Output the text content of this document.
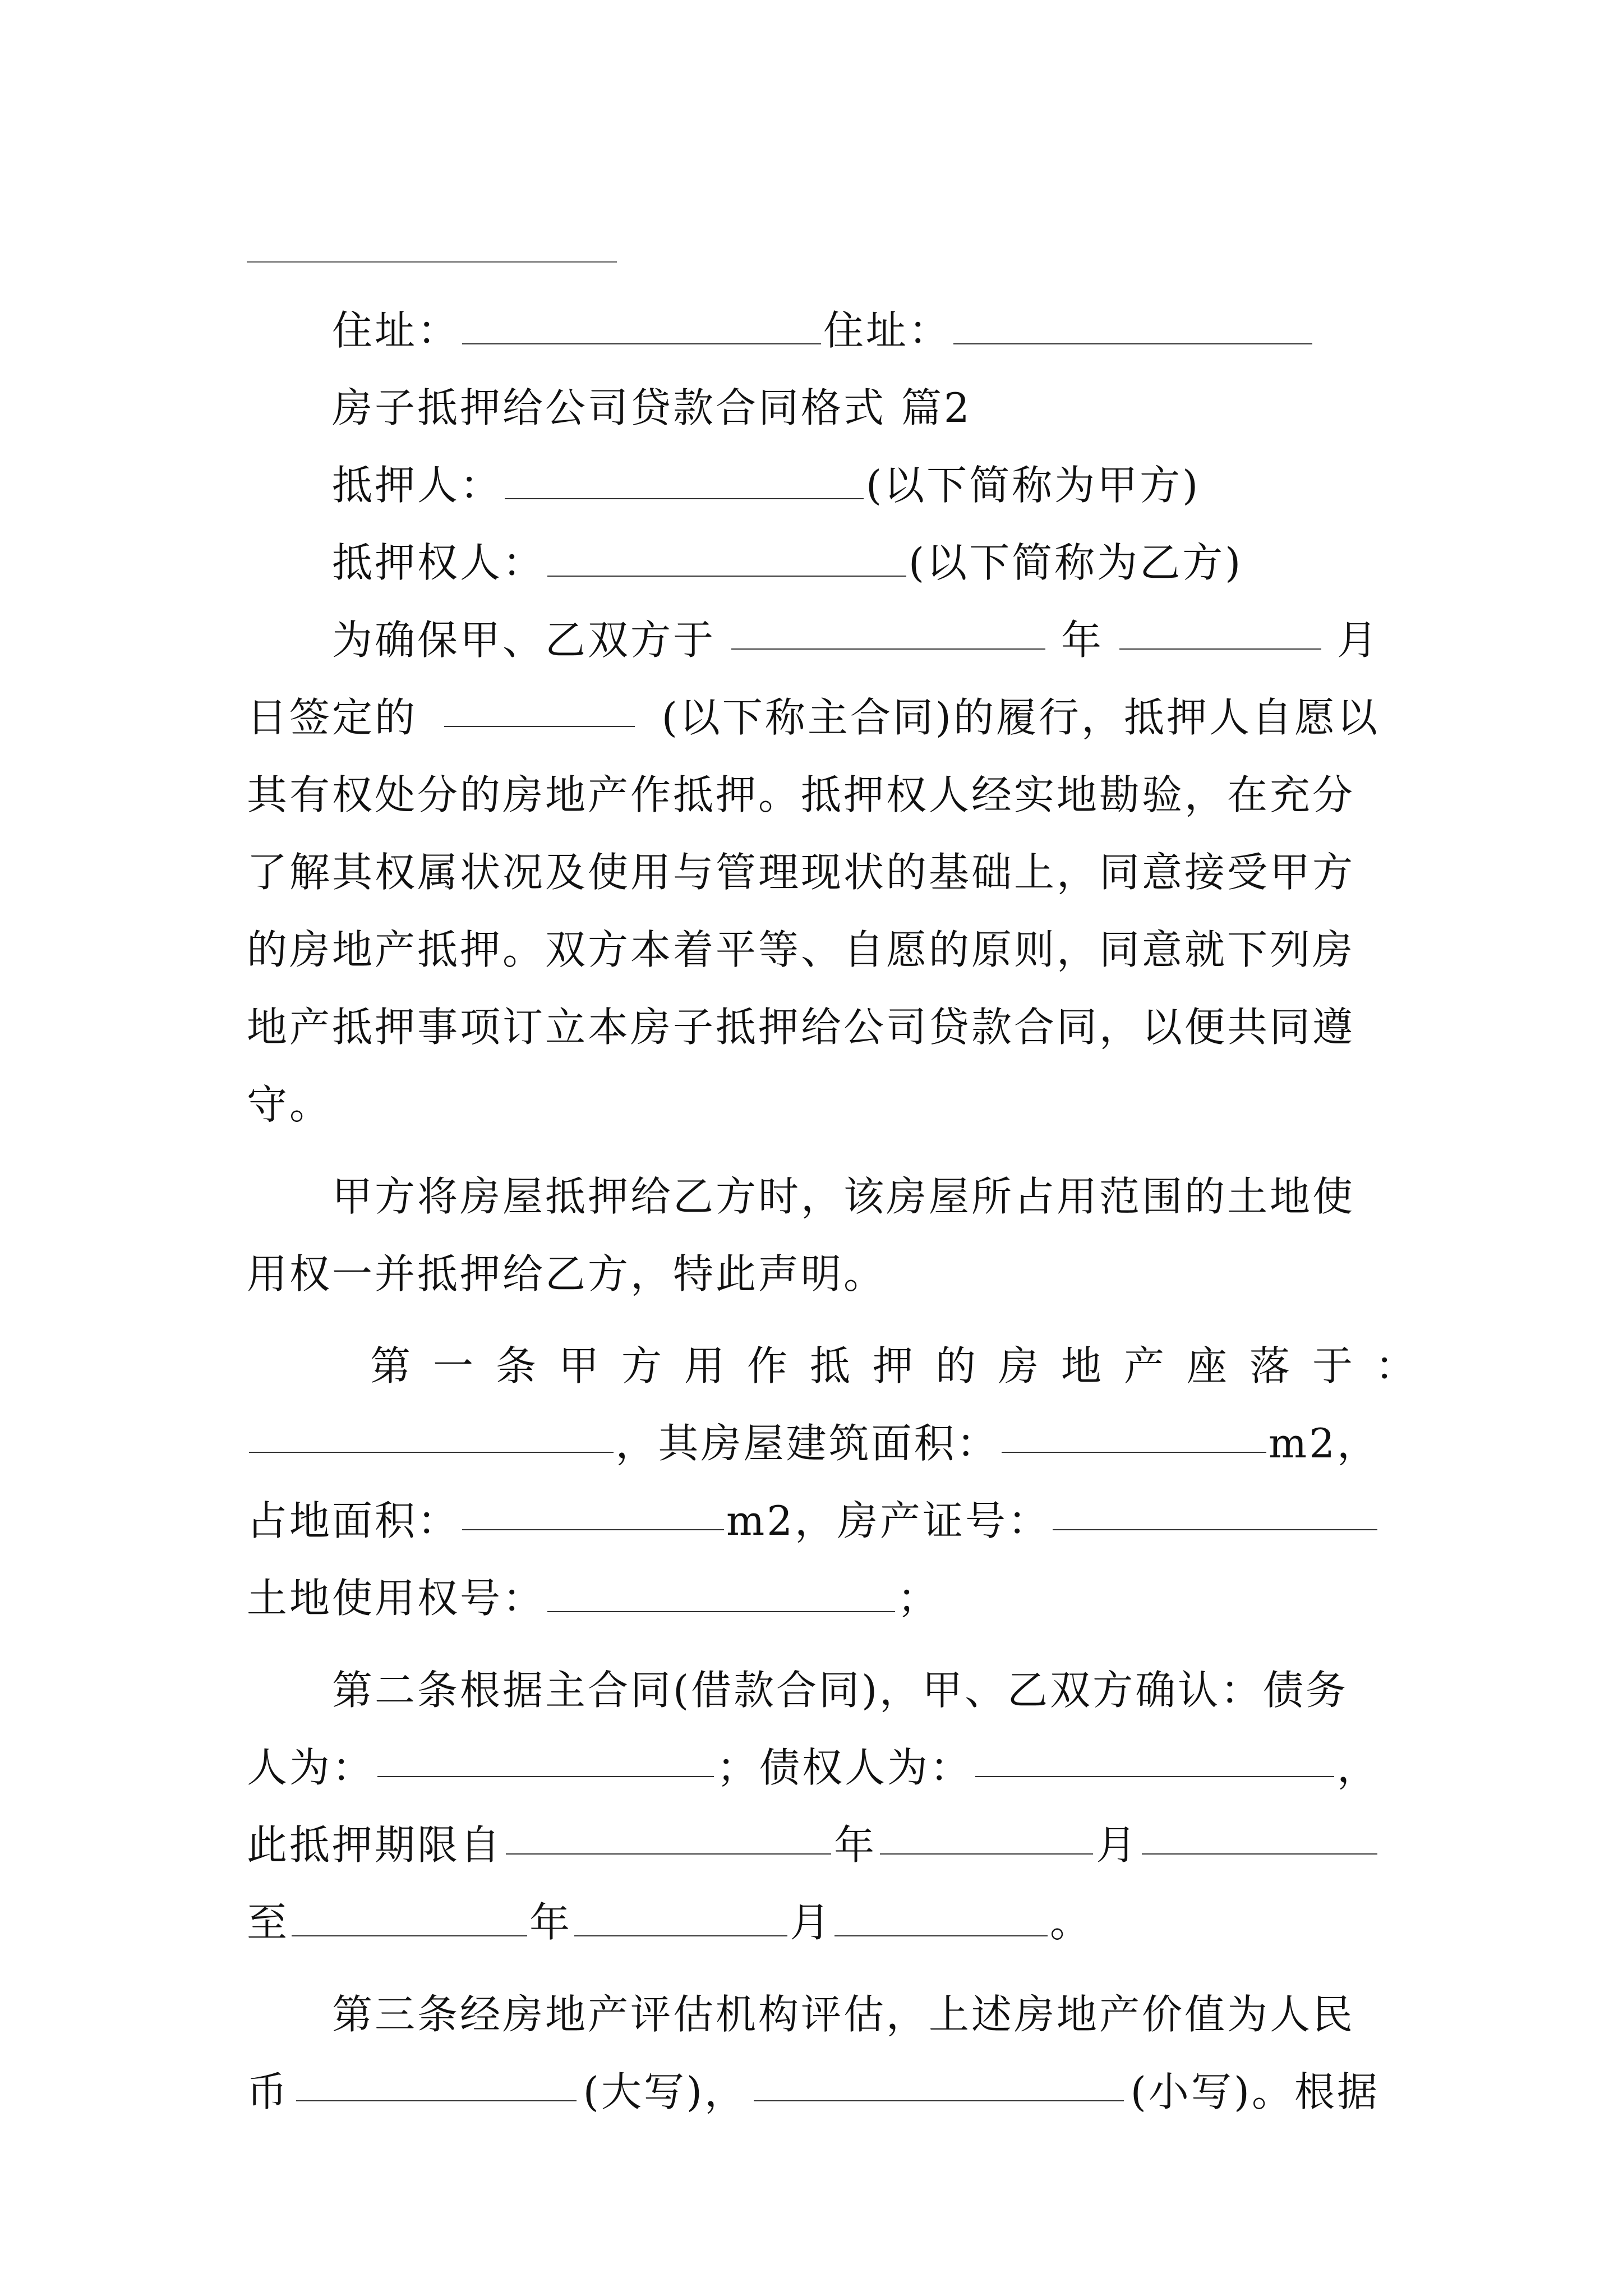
住址：	住址：
房子抵押给公司贷款合同格式 篇2
抵押人：	(以下简称为甲方)
抵押权人：	(以下简称为乙方)
为确保甲、乙双方于	年	月
日签定的	(以下称主合同)的履行，抵押人自愿以
其有权处分的房地产作抵押。抵押权人经实地勘验，在充分
了解其权属状况及使用与管理现状的基础上，同意接受甲方
的房地产抵押。双方本着平等、自愿的原则，同意就下列房
地产抵押事项订立本房子抵押给公司贷款合同，以便共同遵
守。
甲方将房屋抵押给乙方时，该房屋所占用范围的土地使
用权一并抵押给乙方，特此声明。
第一条甲方用作抵押的房地产座落于：
，其房屋建筑面积：	m2，
占地面积：	m2，房产证号：
土地使用权号：	；
第二条根据主合同(借款合同)，甲、乙双方确认：债务
人为：	；债权人为：	，
此抵押期限自	年	月
至	年	月	。
第三条经房地产评估机构评估，上述房地产价值为人民
币	(大写)，	(小写)。根据
